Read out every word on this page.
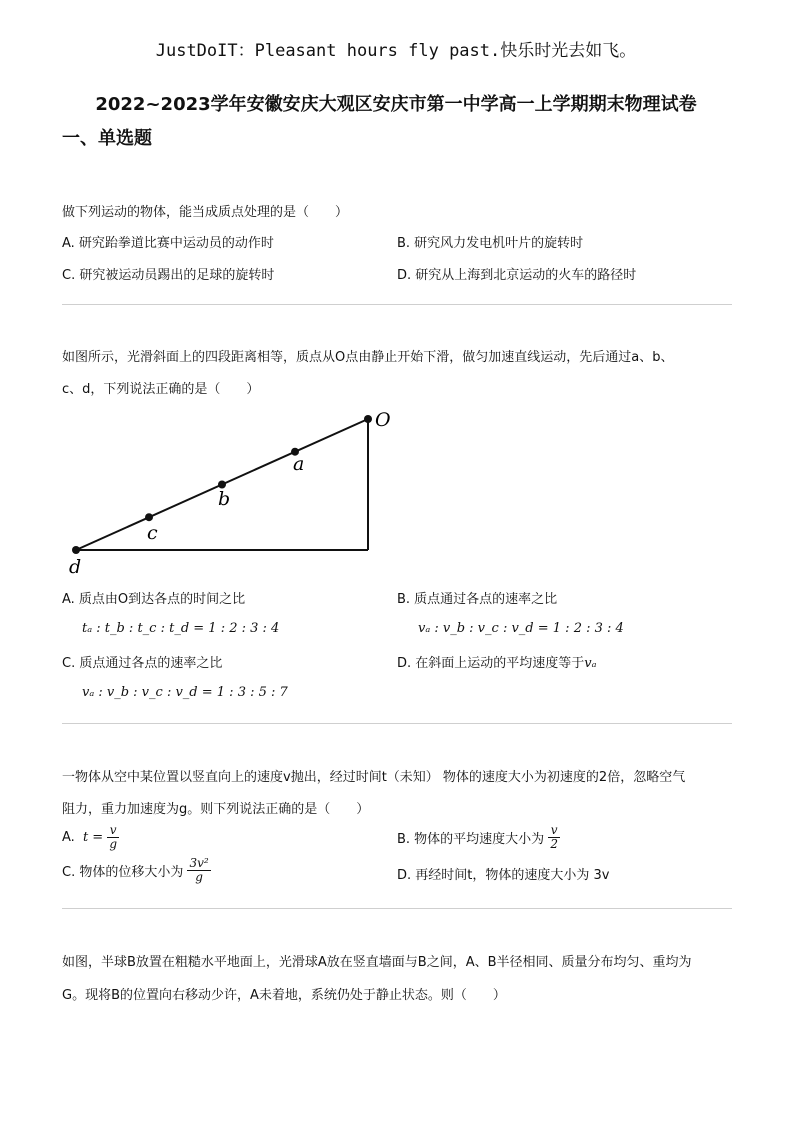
JustDoIT：Pleasant hours fly past.快乐时光去如飞。
2022~2023学年安徽安庆大观区安庆市第一中学高一上学期期末物理试卷
一、单选题
做下列运动的物体，能当成质点处理的是（　　）
A. 研究跆拳道比赛中运动员的动作时	B. 研究风力发电机叶片的旋转时
C. 研究被运动员踢出的足球的旋转时	D. 研究从上海到北京运动的火车的路径时
如图所示，光滑斜面上的四段距离相等，质点从O点由静止开始下滑，做匀加速直线运动，先后通过a、b、
c、d，下列说法正确的是（　　）
O
a
b
c
d
A. 质点由O到达各点的时间之比
tₐ : t_b : t_c : t_d = 1 : 2 : 3 : 4
B. 质点通过各点的速率之比
vₐ : v_b : v_c : v_d = 1 : 2 : 3 : 4
C. 质点通过各点的速率之比
vₐ : v_b : v_c : v_d = 1 : 3 : 5 : 7
D. 在斜面上运动的平均速度等于vₐ
一物体从空中某位置以竖直向上的速度v抛出，经过时间t（未知） 物体的速度大小为初速度的2倍，忽略空气
阻力，重力加速度为g。则下列说法正确的是（　　）
A. $t = \frac{v}{g}$	B. 物体的平均速度大小为 $\frac{v}{2}$
C. 物体的位移大小为 $\frac{\text{3v²}}{g}$	D. 再经时间t，物体的速度大小为 3v
如图，半球B放置在粗糙水平地面上，光滑球A放在竖直墙面与B之间，A、B半径相同、质量分布均匀、重均为
G。现将B的位置向右移动少许，A未着地，系统仍处于静止状态。则（　　）
